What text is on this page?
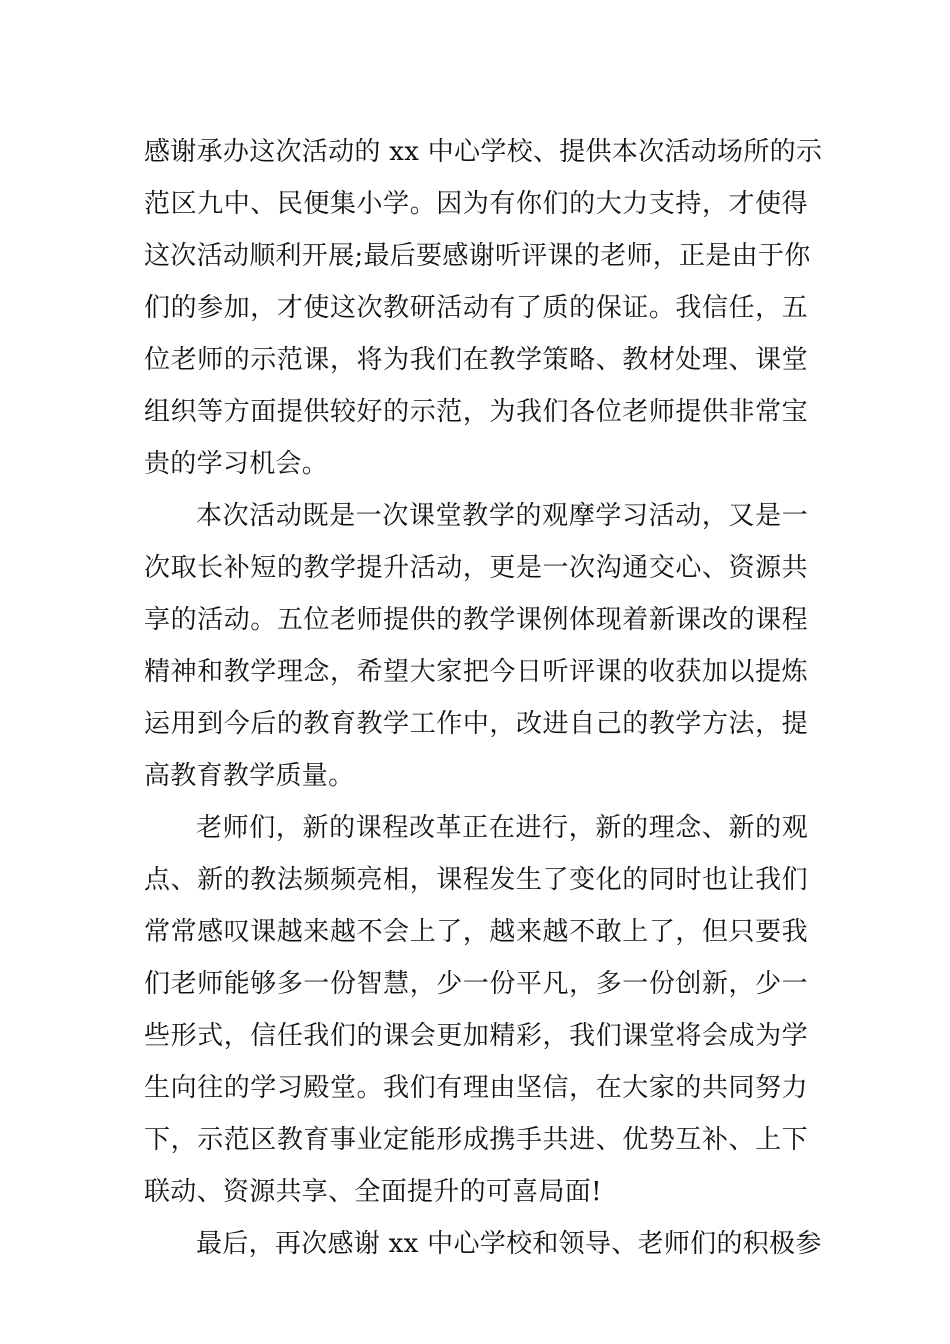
感谢承办这次活动的 xx 中心学校、提供本次活动场所的示
范区九中、民便集小学。因为有你们的大力支持，才使得
这次活动顺利开展;最后要感谢听评课的老师，正是由于你
们的参加，才使这次教研活动有了质的保证。我信任，五
位老师的示范课，将为我们在教学策略、教材处理、课堂
组织等方面提供较好的示范，为我们各位老师提供非常宝
贵的学习机会。
本次活动既是一次课堂教学的观摩学习活动，又是一
次取长补短的教学提升活动，更是一次沟通交心、资源共
享的活动。五位老师提供的教学课例体现着新课改的课程
精神和教学理念，希望大家把今日听评课的收获加以提炼
运用到今后的教育教学工作中，改进自己的教学方法，提
高教育教学质量。
老师们，新的课程改革正在进行，新的理念、新的观
点、新的教法频频亮相，课程发生了变化的同时也让我们
常常感叹课越来越不会上了，越来越不敢上了，但只要我
们老师能够多一份智慧，少一份平凡，多一份创新，少一
些形式，信任我们的课会更加精彩，我们课堂将会成为学
生向往的学习殿堂。我们有理由坚信，在大家的共同努力
下，示范区教育事业定能形成携手共进、优势互补、上下
联动、资源共享、全面提升的可喜局面!
最后，再次感谢 xx 中心学校和领导、老师们的积极参
